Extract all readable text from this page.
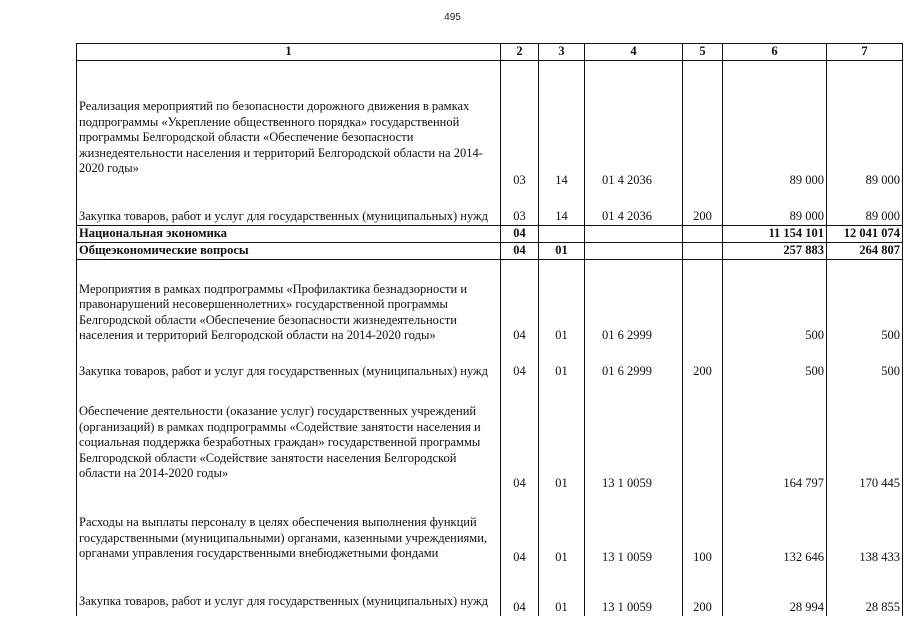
495
1	2	3	4	5	6	7

Реализация мероприятий по безопасности дорожного движения в рамках подпрограммы «Укрепление общественного порядка» государственной программы Белгородской области «Обеспечение безопасности жизнедеятельности населения и территорий Белгородской области на 2014-2020 годы»	03	14	01 4 2036		89 000	89 000
Закупка товаров, работ и услуг для государственных (муниципальных) нужд	03	14	01 4 2036	200	89 000	89 000
Национальная экономика	04				11 154 101	12 041 074
Общеэкономические вопросы	04	01			257 883	264 807
Мероприятия в рамках подпрограммы «Профилактика безнадзорности и правонарушений несовершеннолетних» государственной программы Белгородской области «Обеспечение безопасности жизнедеятельности населения и территорий Белгородской области на 2014-2020 годы»	04	01	01 6 2999		500	500
Закупка товаров, работ и услуг для государственных (муниципальных) нужд	04	01	01 6 2999	200	500	500
Обеспечение деятельности (оказание услуг) государственных учреждений (организаций) в рамках подпрограммы «Содействие занятости населения и социальная поддержка безработных граждан» государственной программы Белгородской области «Содействие занятости населения Белгородской области на 2014-2020 годы»	04	01	13 1 0059		164 797	170 445
Расходы на выплаты персоналу в целях обеспечения выполнения функций государственными (муниципальными) органами, казенными учреждениями, органами управления государственными внебюджетными фондами	04	01	13 1 0059	100	132 646	138 433
Закупка товаров, работ и услуг для государственных (муниципальных) нужд	04	01	13 1 0059	200	28 994	28 855
